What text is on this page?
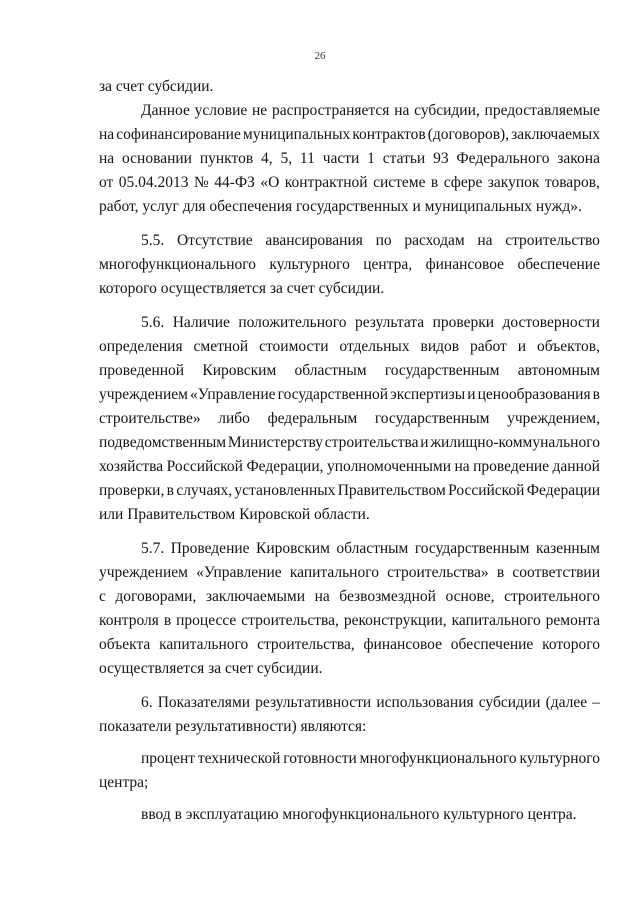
26
за счет субсидии.
Данное условие не распространяется на субсидии, предоставляемые
на софинансирование муниципальных контрактов (договоров), заключаемых
на основании пунктов 4, 5, 11 части 1 статьи 93 Федерального закона
от 05.04.2013 № 44-ФЗ «О контрактной системе в сфере закупок товаров,
работ, услуг для обеспечения государственных и муниципальных нужд».
5.5. Отсутствие авансирования по расходам на строительство
многофункционального культурного центра, финансовое обеспечение
которого осуществляется за счет субсидии.
5.6. Наличие положительного результата проверки достоверности
определения сметной стоимости отдельных видов работ и объектов,
проведенной Кировским областным государственным автономным
учреждением «Управление государственной экспертизы и ценообразования в
строительстве» либо федеральным государственным учреждением,
подведомственным Министерству строительства и жилищно-коммунального
хозяйства Российской Федерации, уполномоченными на проведение данной
проверки, в случаях, установленных Правительством Российской Федерации
или Правительством Кировской области.
5.7. Проведение Кировским областным государственным казенным
учреждением «Управление капитального строительства» в соответствии
с договорами, заключаемыми на безвозмездной основе, строительного
контроля в процессе строительства, реконструкции, капитального ремонта
объекта капитального строительства, финансовое обеспечение которого
осуществляется за счет субсидии.
6. Показателями результативности использования субсидии (далее –
показатели результативности) являются:
процент технической готовности многофункционального культурного
центра;
ввод в эксплуатацию многофункционального культурного центра.
